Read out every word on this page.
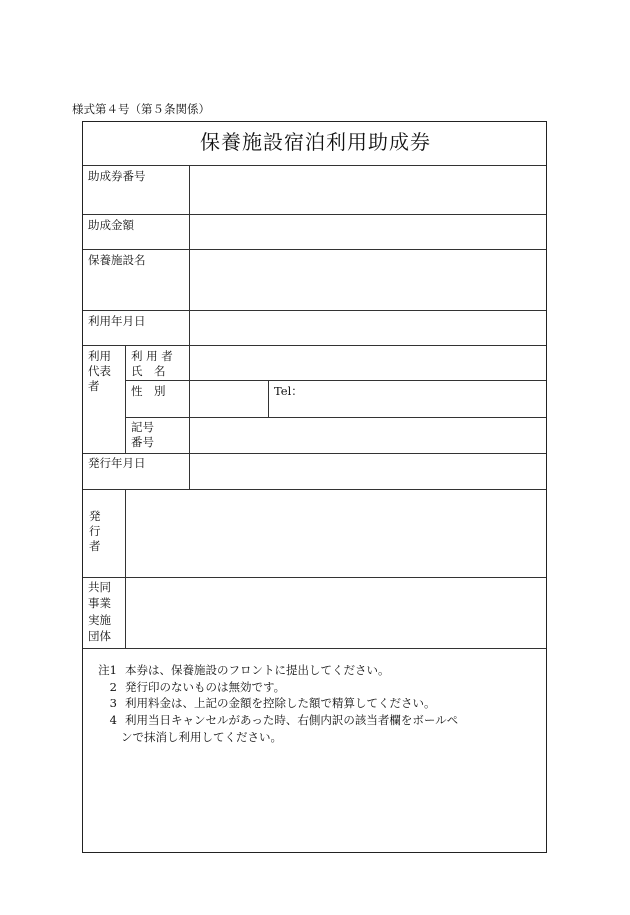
様式第４号（第５条関係）
保養施設宿泊利用助成券
助成券番号
助成金額
保養施設名
利用年月日
利用
代表
者
利 用 者
氏　名
性　別	Tel：
記号
番号
発行年月日
発
行
者
共同
事業
実施
団体
注1 本券は、保養施設のフロントに提出してください。
2 発行印のないものは無効です。
3 利用料金は、上記の金額を控除した額で精算してください。
4 利用当日キャンセルがあった時、右側内訳の該当者欄をボールペ
ンで抹消し利用してください。
